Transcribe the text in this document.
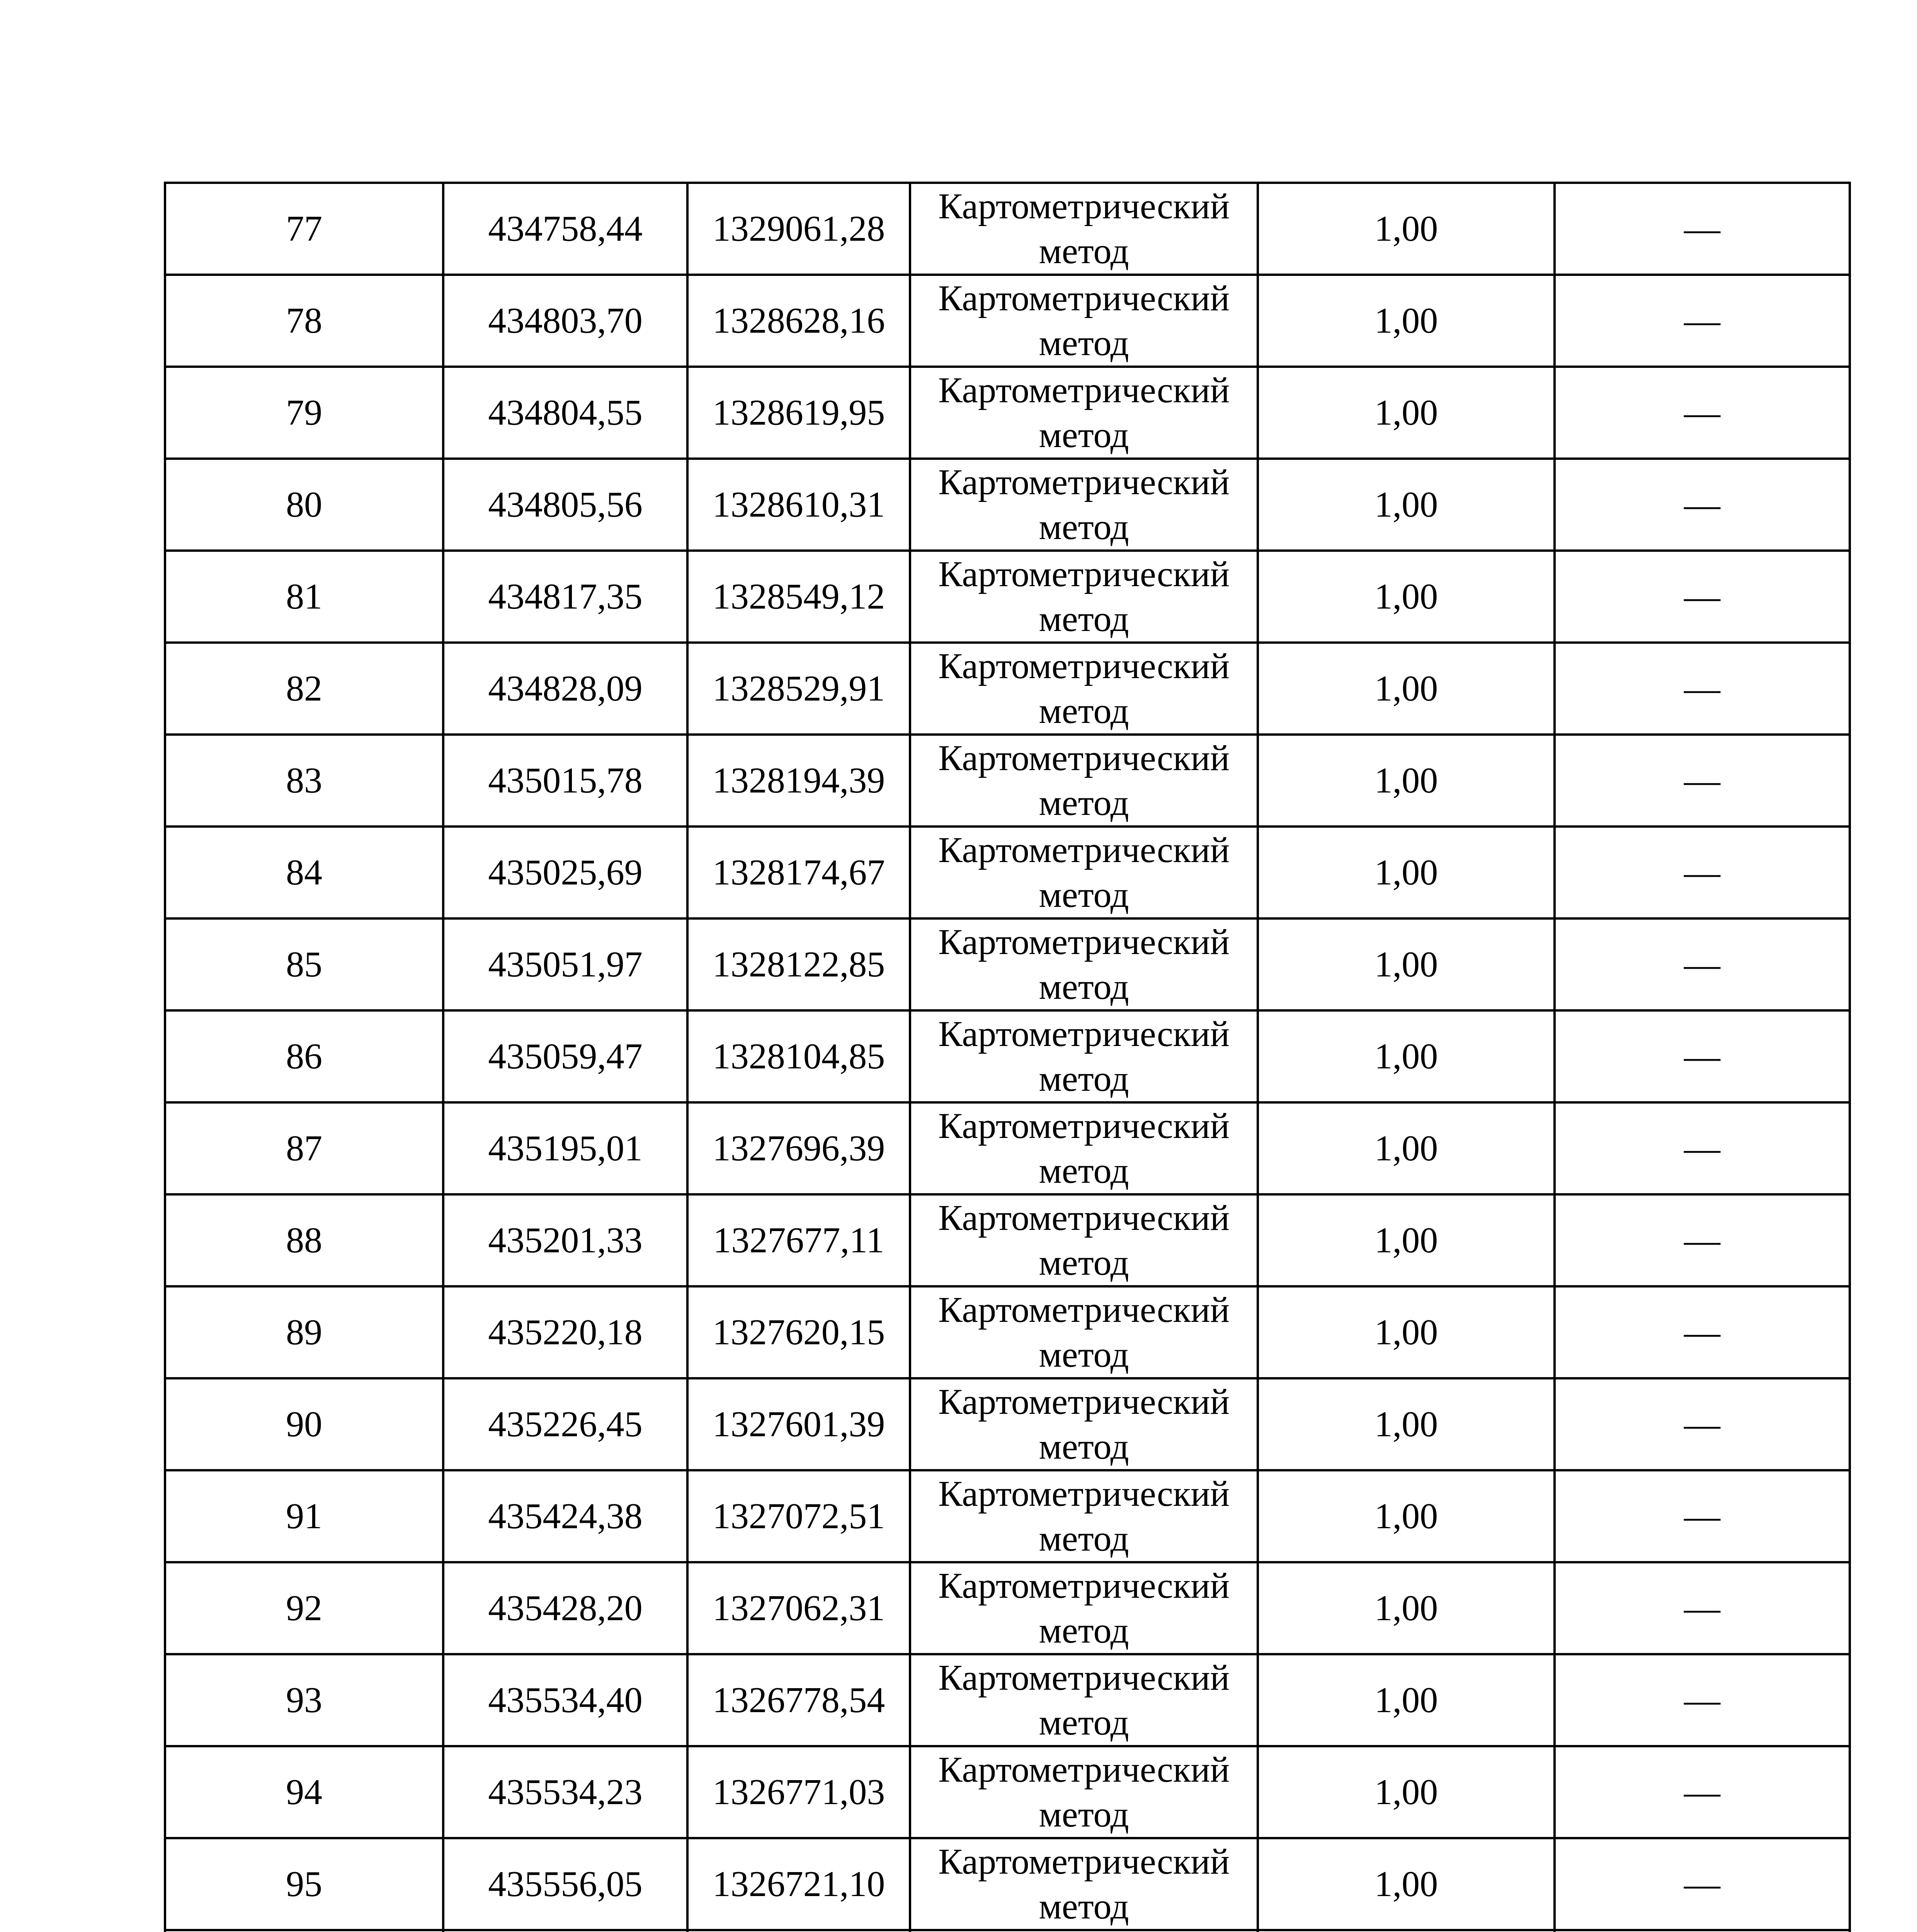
77	434758,44	1329061,28	Картометрический метод	1,00	—
78	434803,70	1328628,16	Картометрический метод	1,00	—
79	434804,55	1328619,95	Картометрический метод	1,00	—
80	434805,56	1328610,31	Картометрический метод	1,00	—
81	434817,35	1328549,12	Картометрический метод	1,00	—
82	434828,09	1328529,91	Картометрический метод	1,00	—
83	435015,78	1328194,39	Картометрический метод	1,00	—
84	435025,69	1328174,67	Картометрический метод	1,00	—
85	435051,97	1328122,85	Картометрический метод	1,00	—
86	435059,47	1328104,85	Картометрический метод	1,00	—
87	435195,01	1327696,39	Картометрический метод	1,00	—
88	435201,33	1327677,11	Картометрический метод	1,00	—
89	435220,18	1327620,15	Картометрический метод	1,00	—
90	435226,45	1327601,39	Картометрический метод	1,00	—
91	435424,38	1327072,51	Картометрический метод	1,00	—
92	435428,20	1327062,31	Картометрический метод	1,00	—
93	435534,40	1326778,54	Картометрический метод	1,00	—
94	435534,23	1326771,03	Картометрический метод	1,00	—
95	435556,05	1326721,10	Картометрический метод	1,00	—
